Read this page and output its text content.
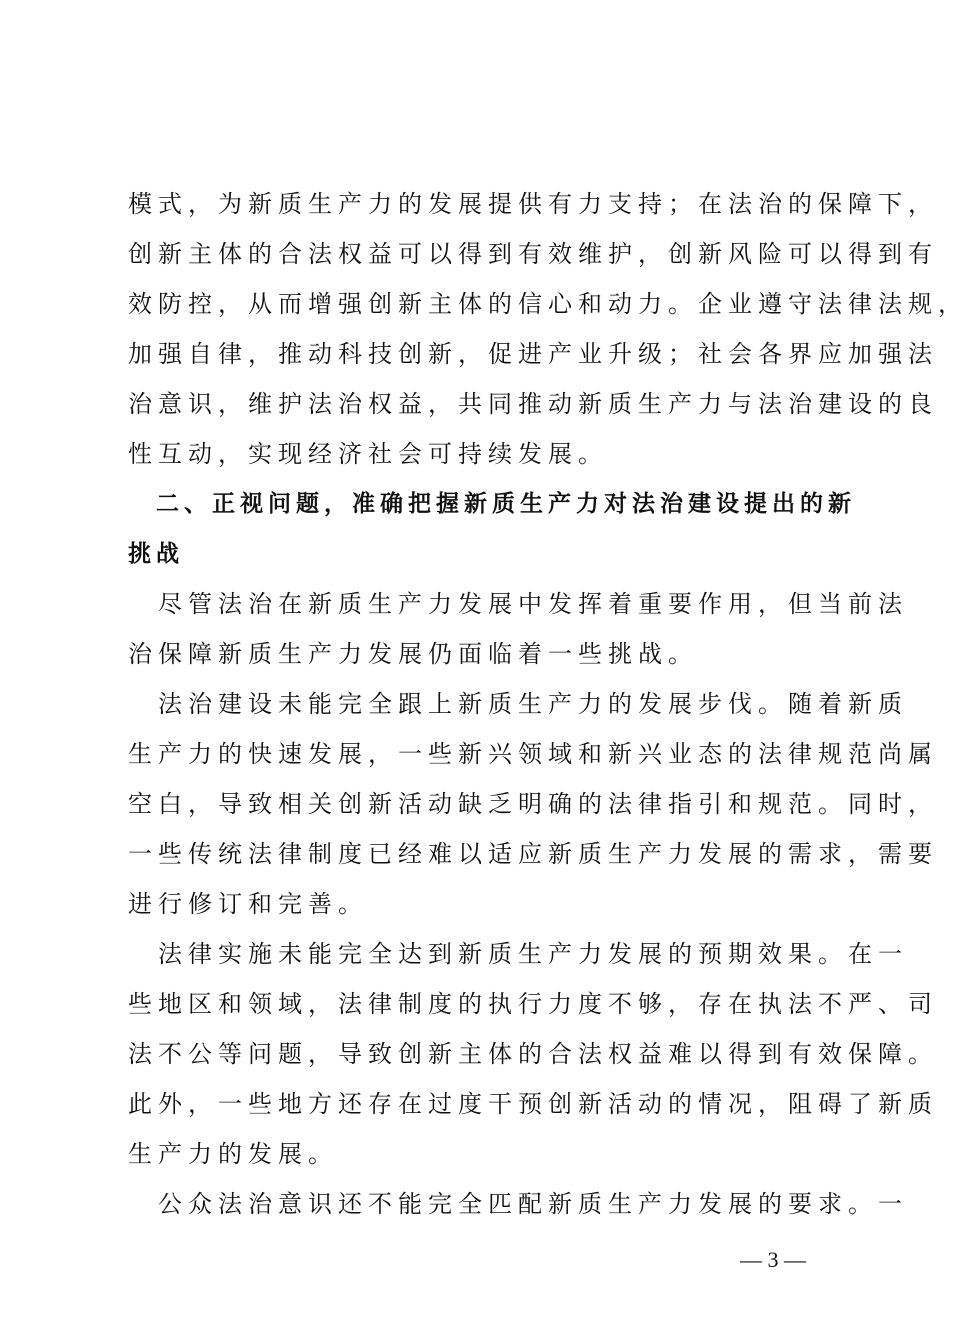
模式，为新质生产力的发展提供有力支持；在法治的保障下，
创新主体的合法权益可以得到有效维护，创新风险可以得到有
效防控，从而增强创新主体的信心和动力。企业遵守法律法规，
加强自律，推动科技创新，促进产业升级；社会各界应加强法
治意识，维护法治权益，共同推动新质生产力与法治建设的良
性互动，实现经济社会可持续发展。
　二、正视问题，准确把握新质生产力对法治建设提出的新
挑战
　尽管法治在新质生产力发展中发挥着重要作用，但当前法
治保障新质生产力发展仍面临着一些挑战。
　法治建设未能完全跟上新质生产力的发展步伐。随着新质
生产力的快速发展，一些新兴领域和新兴业态的法律规范尚属
空白，导致相关创新活动缺乏明确的法律指引和规范。同时，
一些传统法律制度已经难以适应新质生产力发展的需求，需要
进行修订和完善。
　法律实施未能完全达到新质生产力发展的预期效果。在一
些地区和领域，法律制度的执行力度不够，存在执法不严、司
法不公等问题，导致创新主体的合法权益难以得到有效保障。
此外，一些地方还存在过度干预创新活动的情况，阻碍了新质
生产力的发展。
　公众法治意识还不能完全匹配新质生产力发展的要求。一
— 3 —
